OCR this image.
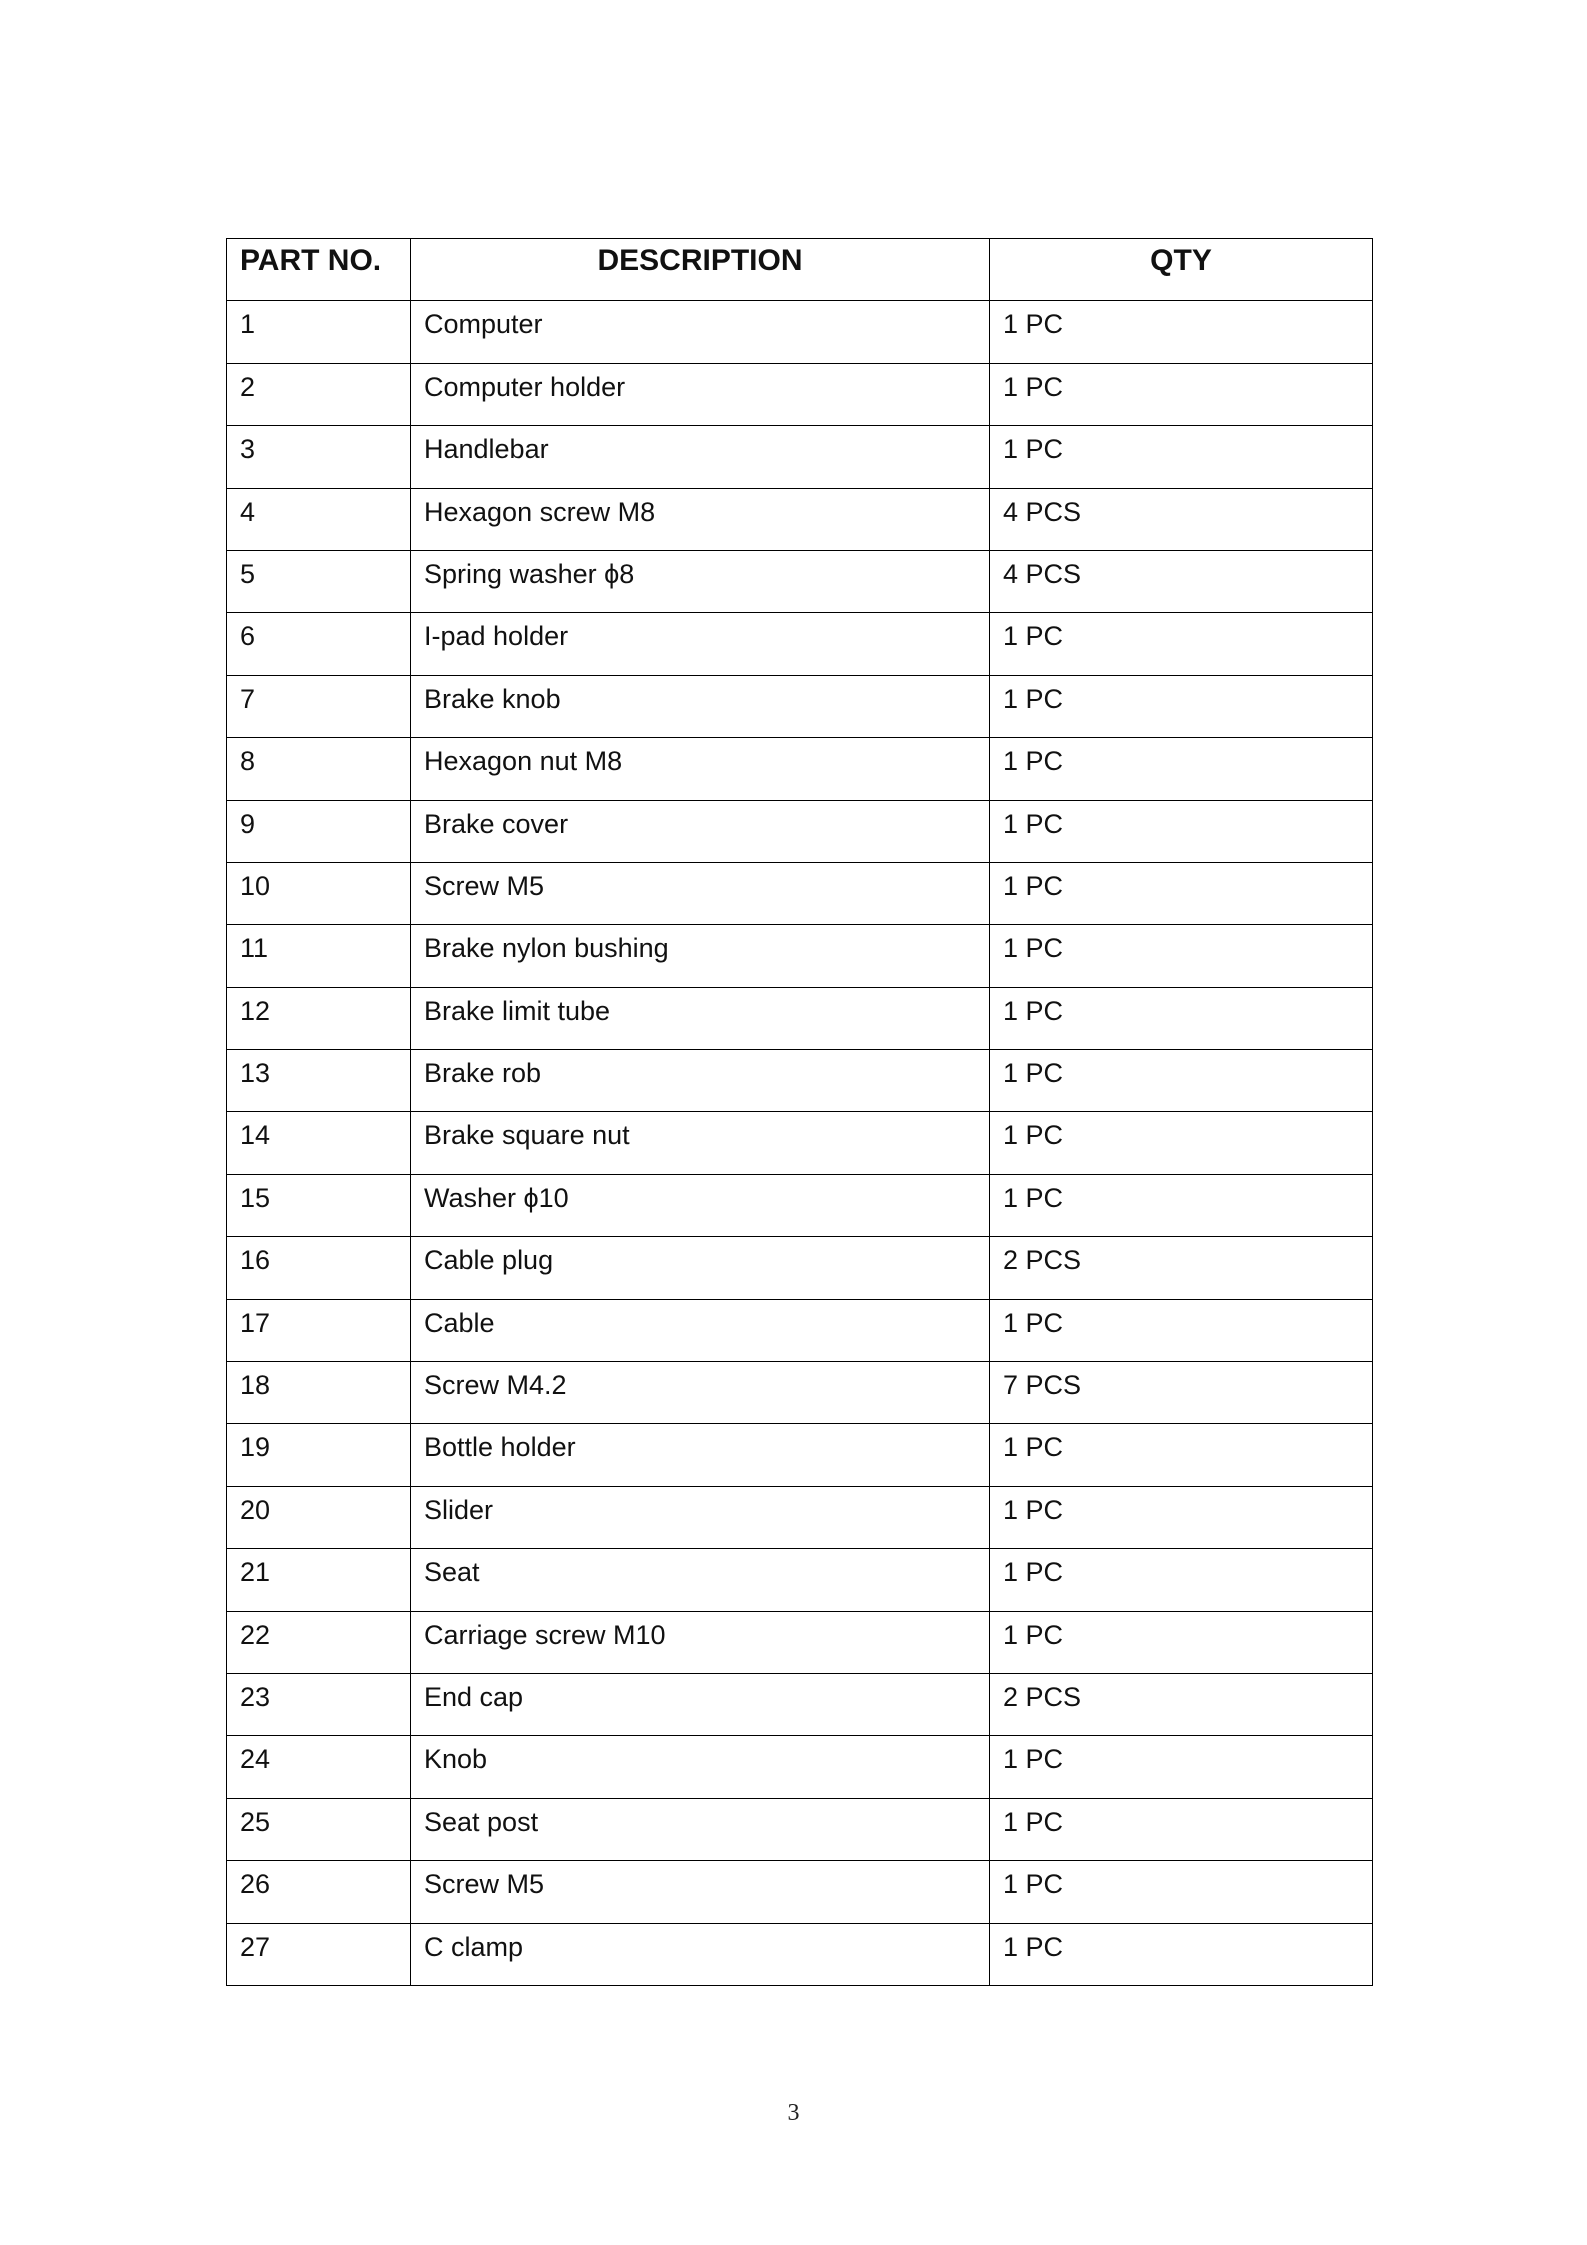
PART NO.	DESCRIPTION	QTY

1	Computer	1 PC

2	Computer holder	1 PC

3	Handlebar	1 PC

4	Hexagon screw M8	4 PCS

5	Spring washer ϕ8	4 PCS

6	I-pad holder	1 PC

7	Brake knob	1 PC

8	Hexagon nut M8	1 PC

9	Brake cover	1 PC

10	Screw M5	1 PC

11	Brake nylon bushing	1 PC

12	Brake limit tube	1 PC

13	Brake rob	1 PC

14	Brake square nut	1 PC

15	Washer ϕ10	1 PC

16	Cable plug	2 PCS

17	Cable	1 PC

18	Screw M4.2	7 PCS

19	Bottle holder	1 PC

20	Slider	1 PC

21	Seat	1 PC

22	Carriage screw M10	1 PC

23	End cap	2 PCS

24	Knob	1 PC

25	Seat post	1 PC

26	Screw M5	1 PC

27	C clamp	1 PC
3
